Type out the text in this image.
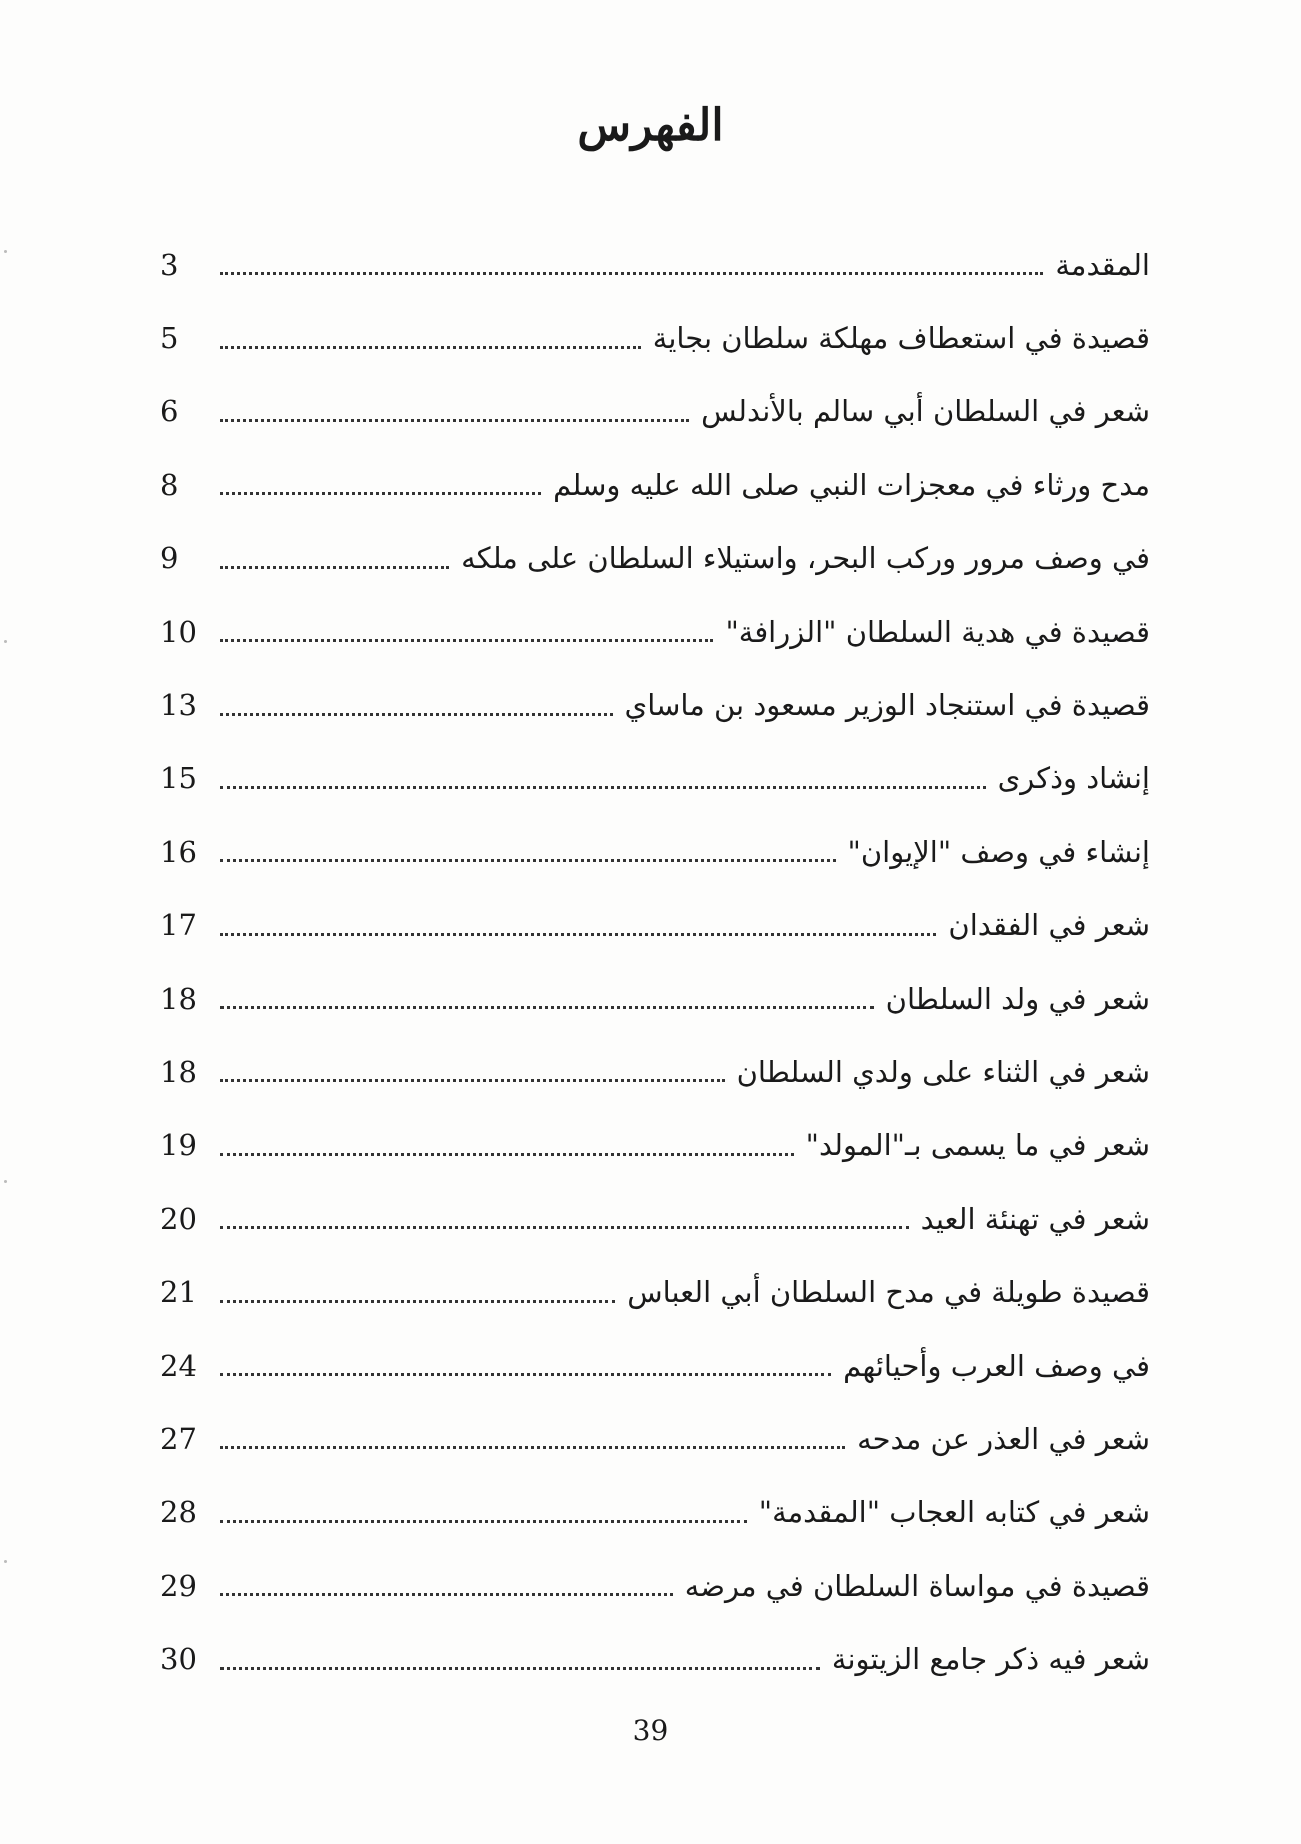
الفهرس
المقدمة
3
قصيدة في استعطاف مهلكة سلطان بجاية
5
شعر في السلطان أبي سالم بالأندلس
6
مدح ورثاء في معجزات النبي صلى الله عليه وسلم
8
في وصف مرور وركب البحر، واستيلاء السلطان على ملكه
9
قصيدة في هدية السلطان "الزرافة"
10
قصيدة في استنجاد الوزير مسعود بن ماساي
13
إنشاد وذكرى
15
إنشاء في وصف "الإيوان"
16
شعر في الفقدان
17
شعر في ولد السلطان
18
شعر في الثناء على ولدي السلطان
18
شعر في ما يسمى بـ"المولد"
19
شعر في تهنئة العيد
20
قصيدة طويلة في مدح السلطان أبي العباس
21
في وصف العرب وأحيائهم
24
شعر في العذر عن مدحه
27
شعر في كتابه العجاب "المقدمة"
28
قصيدة في مواساة السلطان في مرضه
29
شعر فيه ذكر جامع الزيتونة
30
39
